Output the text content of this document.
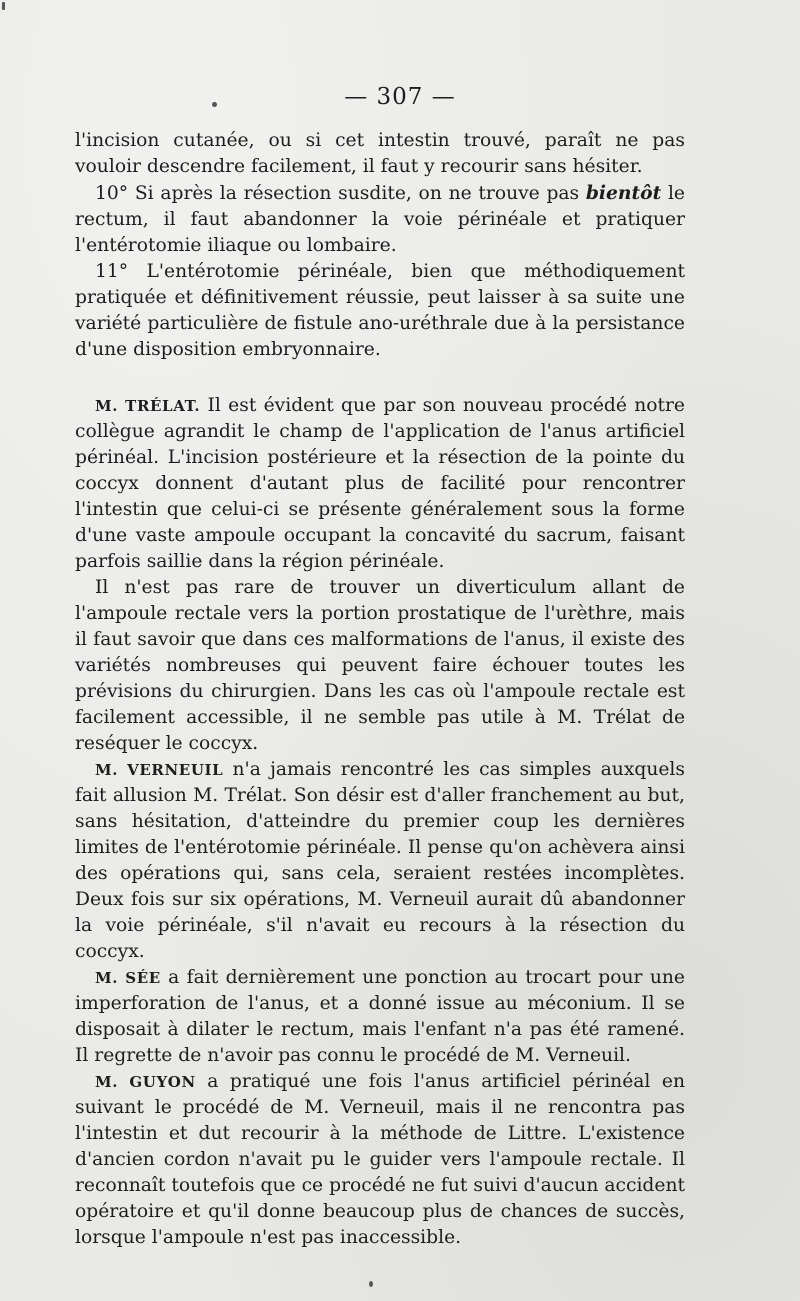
— 307 —

l'incision cutanée, ou si cet intestin trouvé, paraît ne pas vouloir descendre facilement, il faut y recourir sans hésiter.

10° Si après la résection susdite, on ne trouve pas bientôt le rectum, il faut abandonner la voie périnéale et pratiquer l'entérotomie iliaque ou lombaire.

11° L'entérotomie périnéale, bien que méthodiquement pratiquée et définitivement réussie, peut laisser à sa suite une variété particulière de fistule ano-uréthrale due à la persistance d'une disposition embryonnaire.

M. TRÉLAT. Il est évident que par son nouveau procédé notre collègue agrandit le champ de l'application de l'anus artificiel périnéal. L'incision postérieure et la résection de la pointe du coccyx donnent d'autant plus de facilité pour rencontrer l'intestin que celui-ci se présente généralement sous la forme d'une vaste ampoule occupant la concavité du sacrum, faisant parfois saillie dans la région périnéale.

Il n'est pas rare de trouver un diverticulum allant de l'ampoule rectale vers la portion prostatique de l'urèthre, mais il faut savoir que dans ces malformations de l'anus, il existe des variétés nombreuses qui peuvent faire échouer toutes les prévisions du chirurgien. Dans les cas où l'ampoule rectale est facilement accessible, il ne semble pas utile à M. Trélat de reséquer le coccyx.

M. VERNEUIL n'a jamais rencontré les cas simples auxquels fait allusion M. Trélat. Son désir est d'aller franchement au but, sans hésitation, d'atteindre du premier coup les dernières limites de l'entérotomie périnéale. Il pense qu'on achèvera ainsi des opérations qui, sans cela, seraient restées incomplètes. Deux fois sur six opérations, M. Verneuil aurait dû abandonner la voie périnéale, s'il n'avait eu recours à la résection du coccyx.

M. SÉE a fait dernièrement une ponction au trocart pour une imperforation de l'anus, et a donné issue au méconium. Il se disposait à dilater le rectum, mais l'enfant n'a pas été ramené. Il regrette de n'avoir pas connu le procédé de M. Verneuil.

M. GUYON a pratiqué une fois l'anus artificiel périnéal en suivant le procédé de M. Verneuil, mais il ne rencontra pas l'intestin et dut recourir à la méthode de Littre. L'existence d'ancien cordon n'avait pu le guider vers l'ampoule rectale. Il reconnaît toutefois que ce procédé ne fut suivi d'aucun accident opératoire et qu'il donne beaucoup plus de chances de succès, lorsque l'ampoule n'est pas inaccessible.
